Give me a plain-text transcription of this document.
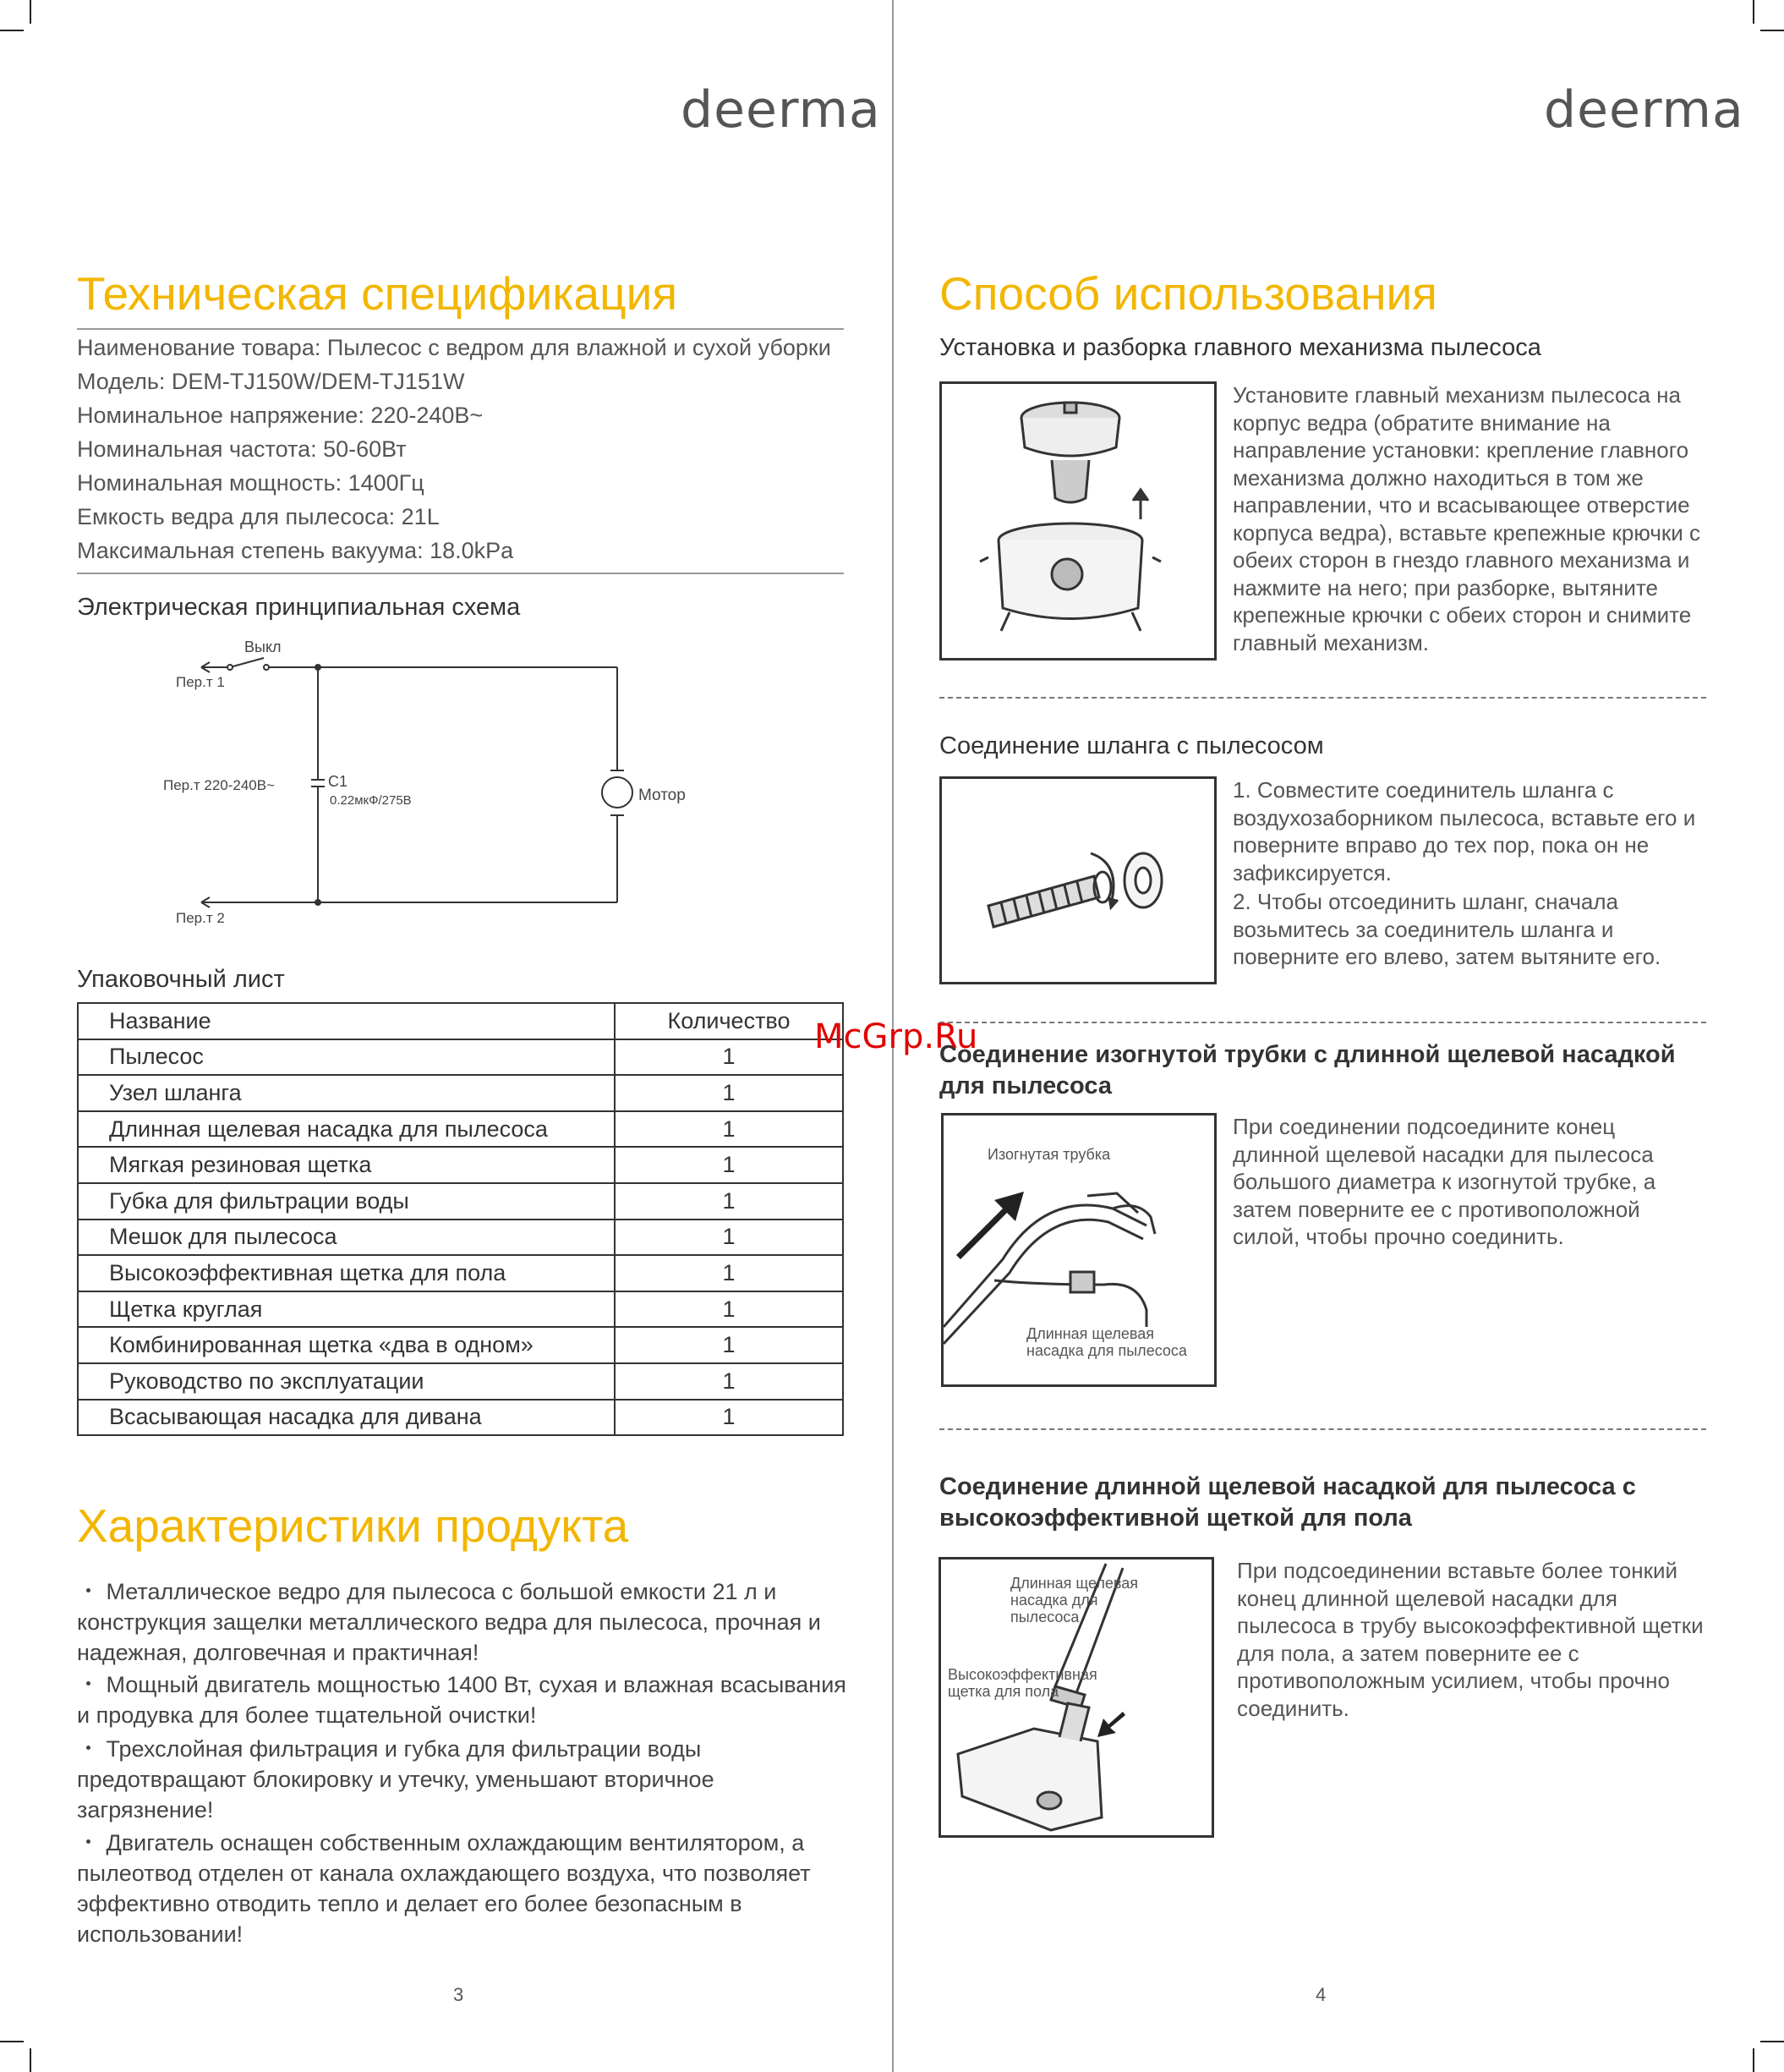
deerma
Техническая спецификация
Наименование товара: Пылесос с ведром для влажной и сухой уборки
Модель: DEM-TJ150W/DEM-TJ151W
Номинальное напряжение: 220-240В~
Номинальная частота: 50-60Вт
Номинальная мощность: 1400Гц
Емкость ведра для пылесоса: 21L
Максимальная степень вакуума: 18.0kPa
Электрическая принципиальная схема
Выкл
Пер.т 1
Пер.т 2
Пер.т 220-240В~	С1
0.22мкФ/275В	Мотор
Упаковочный лист
Название	Количество
Пылесос	1
Узел шланга	1
Длинная щелевая насадка для пылесоса	1
Мягкая резиновая щетка	1
Губка для фильтрации воды	1
Мешок для пылесоса	1
Высокоэффективная щетка для пола	1
Щетка круглая	1
Комбинированная щетка «два в одном»	1
Руководство по эксплуатации	1
Всасывающая насадка для дивана	1
Характеристики продукта
・ Металлическое ведро для пылесоса с большой емкости 21 л и конструкция защелки металлического ведра для пылесоса, прочная и надежная, долговечная и практичная!
・ Мощный двигатель мощностью 1400 Вт, сухая и влажная всасывания и продувка для более тщательной очистки!
・ Трехслойная фильтрация и губка для фильтрации воды предотвращают блокировку и утечку, уменьшают вторичное загрязнение!
・ Двигатель оснащен собственным охлаждающим вентилятором, а пылеотвод отделен от канала охлаждающего воздуха, что позволяет эффективно отводить тепло и делает его более безопасным в использовании!
3
deerma
Способ использования
Установка и разборка главного механизма пылесоса
Установите главный механизм пылесоса на корпус ведра (обратите внимание на направление установки: крепление главного механизма должно находиться в том же направлении, что и всасывающее отверстие корпуса ведра), вставьте крепежные крючки с обеих сторон в гнездо главного механизма и нажмите на него; при разборке, вытяните крепежные крючки с обеих сторон и снимите главный механизм.
Соединение шланга с пылесосом
1. Совместите соединитель шланга с воздухозаборником пылесоса, вставьте его и поверните вправо до тех пор, пока он не зафиксируется.
2. Чтобы отсоединить шланг, сначала возьмитесь за соединитель шланга и поверните его влево, затем вытяните его.
Соединение изогнутой трубки с длинной щелевой насадкой для пылесоса
Изогнутая трубка
Длинная щелевая насадка для пылесоса
При соединении подсоедините конец длинной щелевой насадки для пылесоса большого диаметра к изогнутой трубке, а затем поверните ее с противоположной силой, чтобы прочно соединить.
Соединение длинной щелевой насадкой для пылесоса с высокоэффективной щеткой для пола
Длинная щелевая насадка для пылесоса
Высокоэффективная щетка для пола
При подсоединении вставьте более тонкий конец длинной щелевой насадки для пылесоса в трубу высокоэффективной щетки для пола, а затем поверните ее с противоположным усилием, чтобы прочно соединить.
4
McGrp.Ru
